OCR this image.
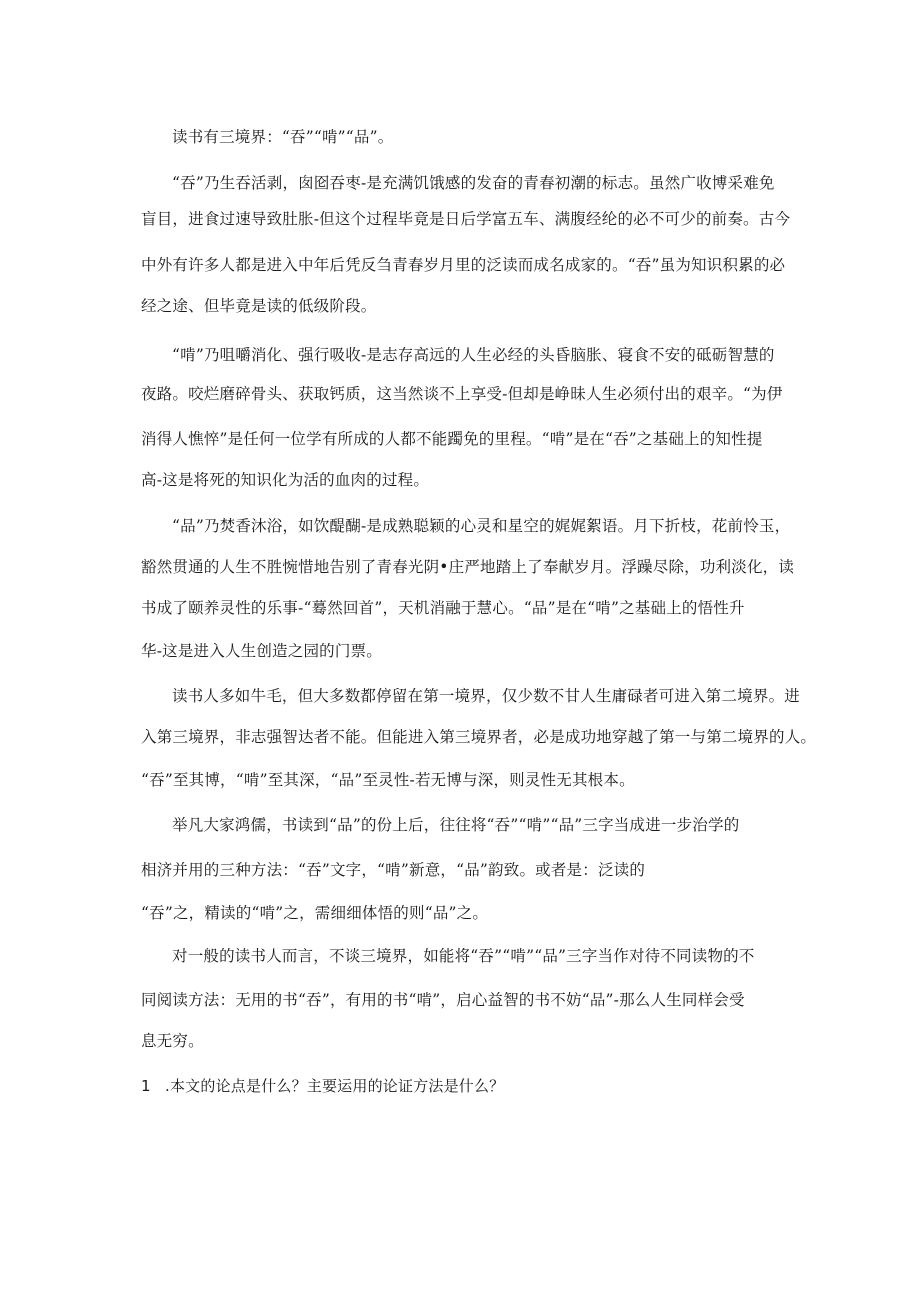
读书有三境界：“吞”“啃”“品”。
“吞”乃生吞活剥，囱囵吞枣-是充满饥饿感的发奋的青春初潮的标志。虽然广收博采难免
盲目，进食过速导致肚胀-但这个过程毕竟是日后学富五车、满腹经纶的必不可少的前奏。古今
中外有许多人都是进入中年后凭反刍青春岁月里的泛读而成名成家的。“吞”虽为知识积累的必
经之途、但毕竟是读的低级阶段。
“啃”乃咀嚼消化、强行吸收-是志存高远的人生必经的头昏脑胀、寝食不安的砥砺智慧的
夜路。咬烂磨碎骨头、获取钙质，这当然谈不上享受-但却是峥昧人生必须付出的艰辛。“为伊
消得人憔悴”是任何一位学有所成的人都不能躅免的里程。“啃”是在“吞”之基础上的知性提
高-这是将死的知识化为活的血肉的过程。
“品”乃焚香沐浴，如饮醍醐-是成熟聪颖的心灵和星空的娓娓絮语。月下折枝，花前怜玉，
豁然贯通的人生不胜惋惜地告别了青春光阴•庄严地踏上了奉献岁月。浮躁尽除，功利淡化，读
书成了颐养灵性的乐事-“蓦然回首”，天机消融于慧心。“品”是在“啃”之基础上的悟性升
华-这是进入人生创造之园的门票。
读书人多如牛毛，但大多数都停留在第一境界，仅少数不甘人生庸碌者可进入第二境界。进
入第三境界，非志强智达者不能。但能进入第三境界者，必是成功地穿越了第一与第二境界的人。
“吞”至其博，“啃”至其深，“品”至灵性-若无博与深，则灵性无其根本。
举凡大家鸿儒，书读到“品”的份上后，往往将“吞”“啃”“品”三字当成进一步治学的
相济并用的三种方法：“吞”文字，“啃”新意，“品”韵致。或者是：泛读的
“吞”之，精读的“啃”之，需细细体悟的则“品”之。
对一般的读书人而言，不谈三境界，如能将“吞”“啃”“品”三字当作对待不同读物的不
同阅读方法：无用的书“吞”，有用的书“啃”，启心益智的书不妨“品”-那么人生同样会受
息无穷。
1 .本文的论点是什么？主要运用的论证方法是什么？
